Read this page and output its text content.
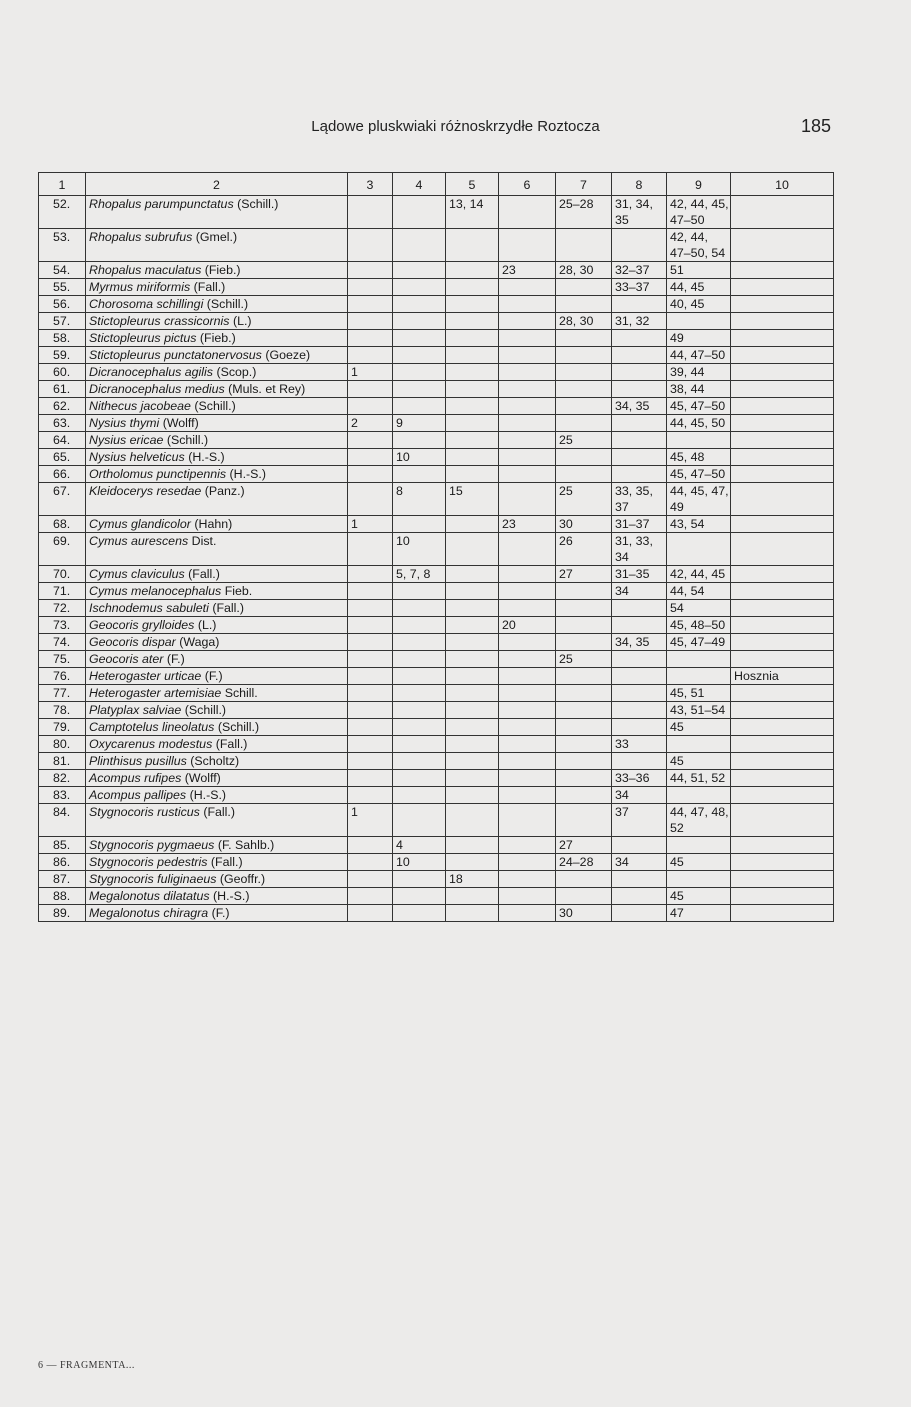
Lądowe pluskwiaki różnoskrzydłe Roztocza	185
1	2	3	4	5	6	7	8	9	10
52.	Rhopalus parumpunctatus (Schill.)			13, 14		25–28	31, 34, 35	42, 44, 45, 47–50	
53.	Rhopalus subrufus (Gmel.)							42, 44, 47–50, 54	
54.	Rhopalus maculatus (Fieb.)				23	28, 30	32–37	51	
55.	Myrmus miriformis (Fall.)						33–37	44, 45	
56.	Chorosoma schillingi (Schill.)							40, 45	
57.	Stictopleurus crassicornis (L.)					28, 30	31, 32		
58.	Stictopleurus pictus (Fieb.)							49	
59.	Stictopleurus punctatonervosus (Goeze)							44, 47–50	
60.	Dicranocephalus agilis (Scop.)	1						39, 44	
61.	Dicranocephalus medius (Muls. et Rey)							38, 44	
62.	Nithecus jacobeae (Schill.)						34, 35	45, 47–50	
63.	Nysius thymi (Wolff)	2	9					44, 45, 50	
64.	Nysius ericae (Schill.)					25			
65.	Nysius helveticus (H.-S.)		10					45, 48	
66.	Ortholomus punctipennis (H.-S.)							45, 47–50	
67.	Kleidocerys resedae (Panz.)		8	15		25	33, 35, 37	44, 45, 47, 49	
68.	Cymus glandicolor (Hahn)	1			23	30	31–37	43, 54	
69.	Cymus aurescens Dist.		10			26	31, 33, 34		
70.	Cymus claviculus (Fall.)		5, 7, 8			27	31–35	42, 44, 45	
71.	Cymus melanocephalus Fieb.						34	44, 54	
72.	Ischnodemus sabuleti (Fall.)							54	
73.	Geocoris grylloides (L.)				20			45, 48–50	
74.	Geocoris dispar (Waga)						34, 35	45, 47–49	
75.	Geocoris ater (F.)					25			
76.	Heterogaster urticae (F.)								Hosznia
77.	Heterogaster artemisiae Schill.							45, 51	
78.	Platyplax salviae (Schill.)							43, 51–54	
79.	Camptotelus lineolatus (Schill.)							45	
80.	Oxycarenus modestus (Fall.)						33		
81.	Plinthisus pusillus (Scholtz)							45	
82.	Acompus rufipes (Wolff)						33–36	44, 51, 52	
83.	Acompus pallipes (H.-S.)						34		
84.	Stygnocoris rusticus (Fall.)	1					37	44, 47, 48, 52	
85.	Stygnocoris pygmaeus (F. Sahlb.)		4			27			
86.	Stygnocoris pedestris (Fall.)		10			24–28	34	45	
87.	Stygnocoris fuliginaeus (Geoffr.)			18					
88.	Megalonotus dilatatus (H.-S.)							45	
89.	Megalonotus chiragra (F.)					30		47	
6 — FRAGMENTA...
